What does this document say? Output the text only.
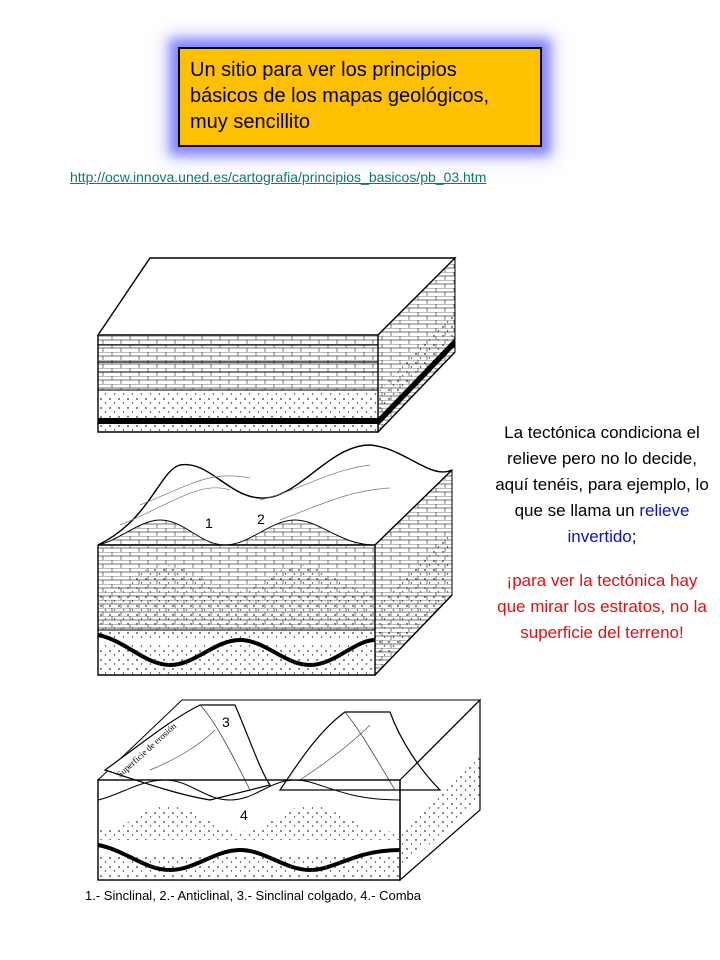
Un sitio para ver los principios básicos de los mapas geológicos, muy sencillito
http://ocw.innova.uned.es/cartografia/principios_basicos/pb_03.htm
1	2
3
4
Superficie de erosión

La tectónica condiciona el relieve pero no lo decide, aquí tenéis, para ejemplo, lo que se llama un relieve invertido;

¡para ver la tectónica hay que mirar los estratos, no la superficie del terreno!

1.- Sinclinal, 2.- Anticlinal, 3.- Sinclinal colgado, 4.- Comba
